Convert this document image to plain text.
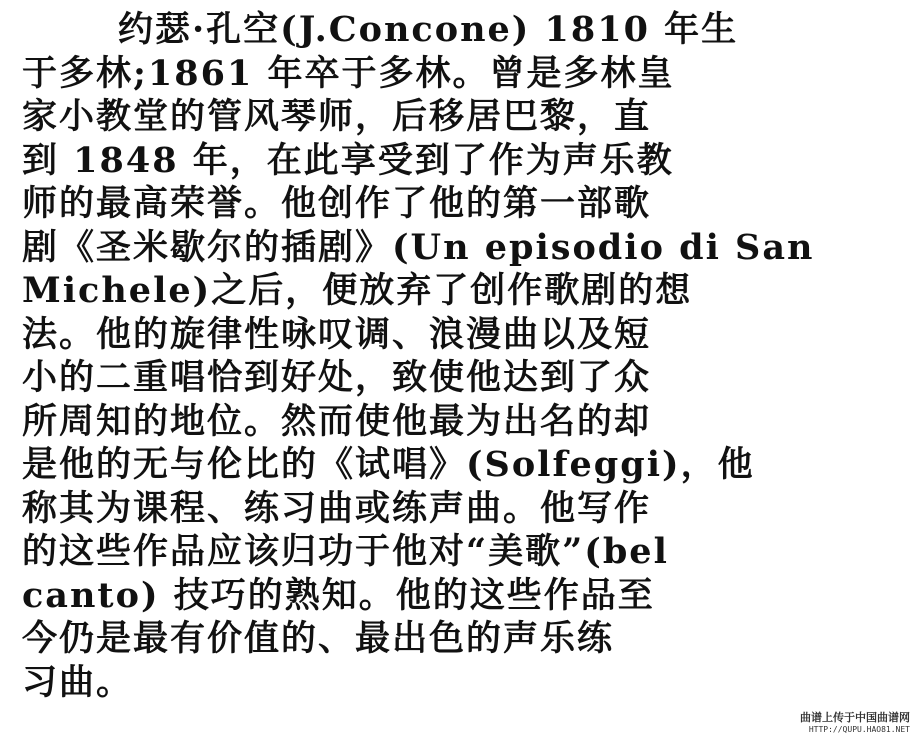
约瑟·孔空(J.Concone) 1810 年生
于多林;1861 年卒于多林。曾是多林皇
家小教堂的管风琴师，后移居巴黎，直
到 1848 年，在此享受到了作为声乐教
师的最高荣誉。他创作了他的第一部歌
剧《圣米歇尔的插剧》(Un episodio di San
Michele)之后，便放弃了创作歌剧的想
法。他的旋律性咏叹调、浪漫曲以及短
小的二重唱恰到好处，致使他达到了众
所周知的地位。然而使他最为出名的却
是他的无与伦比的《试唱》(Solfeggi)，他
称其为课程、练习曲或练声曲。他写作
的这些作品应该归功于他对“美歌”(bel
canto) 技巧的熟知。他的这些作品至
今仍是最有价值的、最出色的声乐练
习曲。
曲谱上传于中国曲谱网
HTTP://QUPU.HAO81.NET
